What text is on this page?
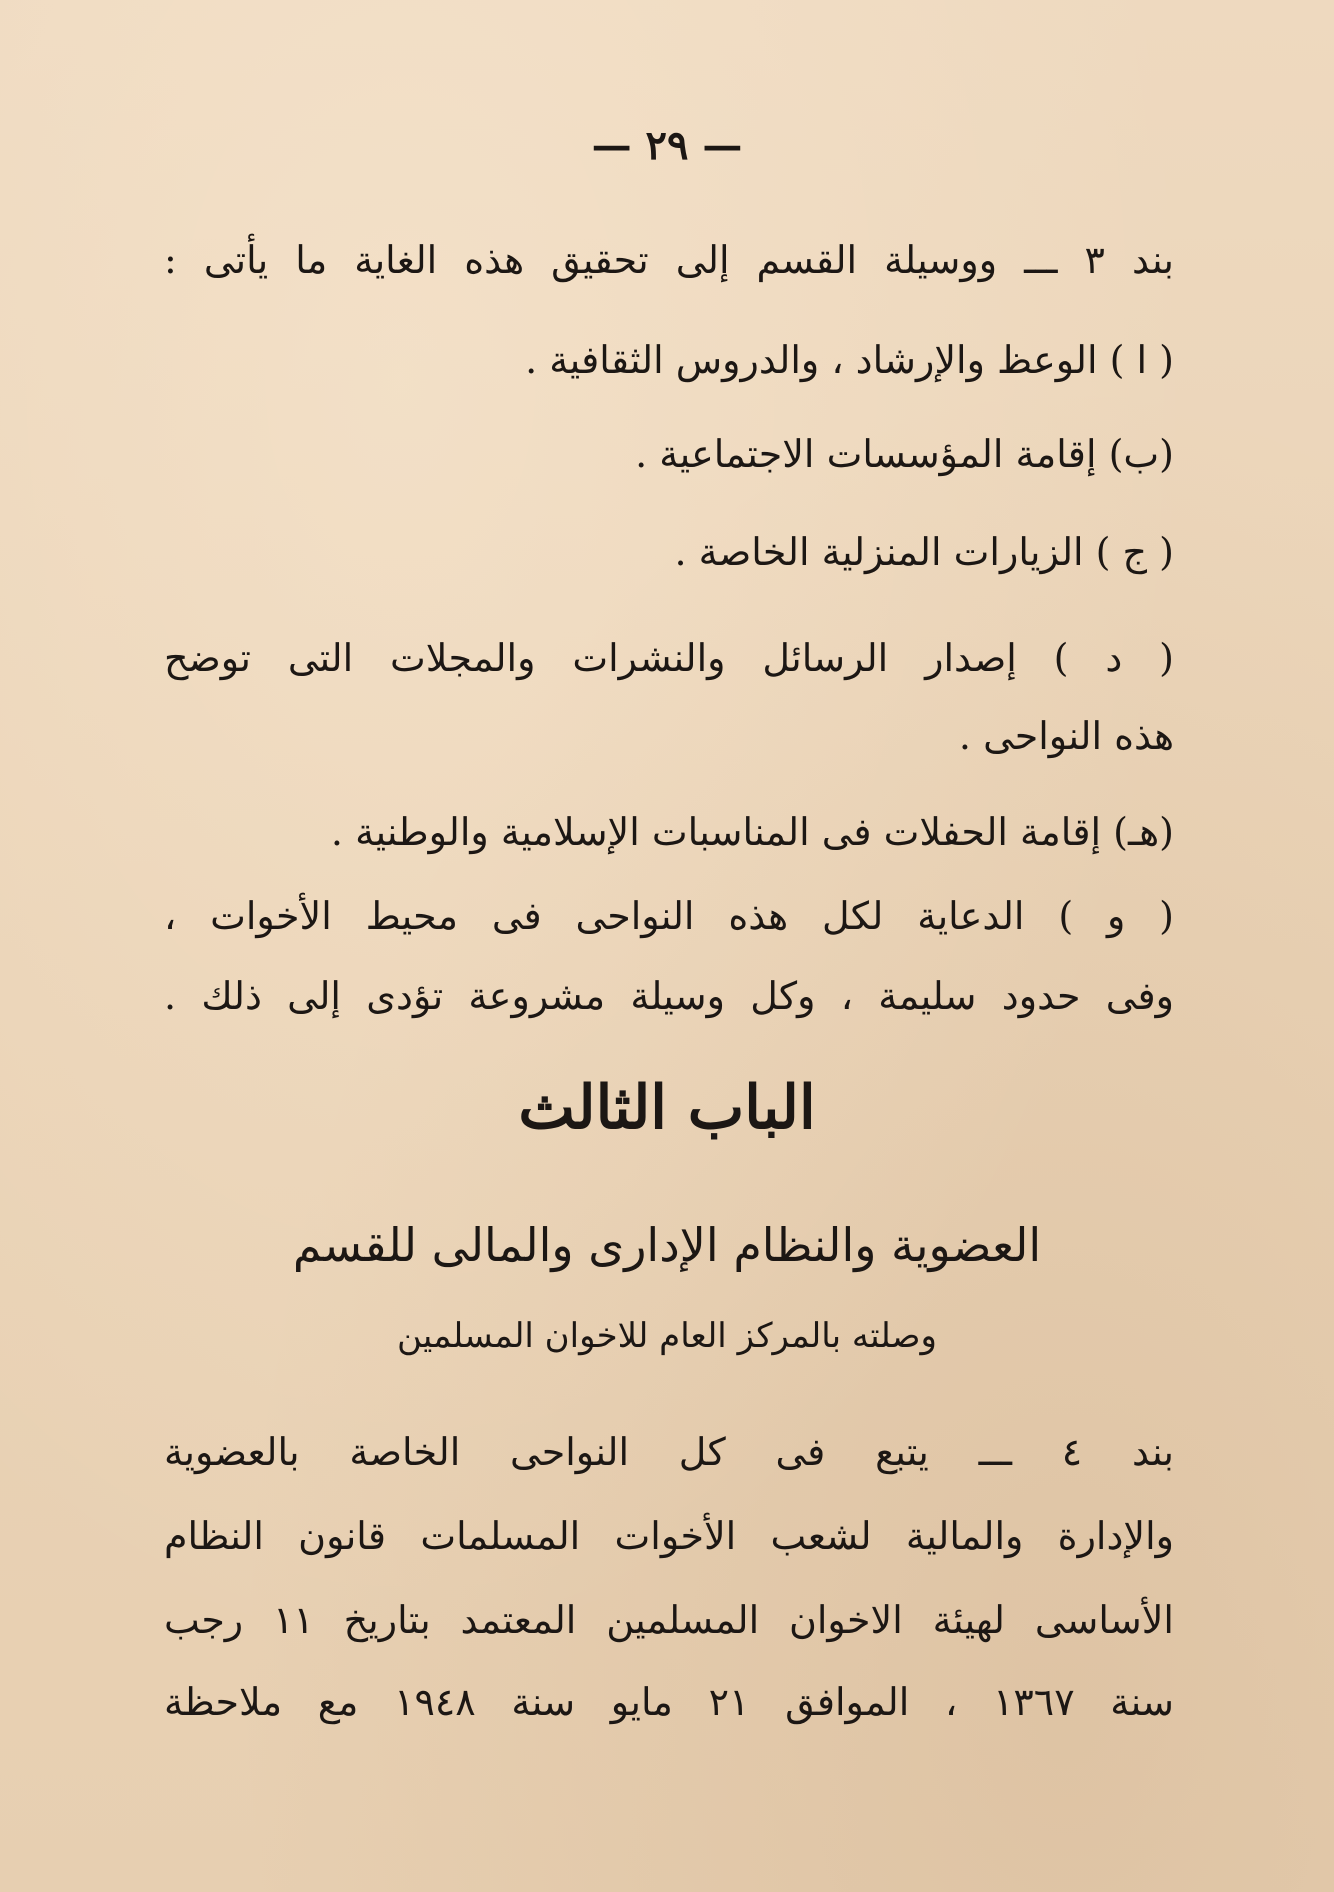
— ٢٩ —
بند ٣ ـــ ووسيلة القسم إلى تحقيق هذه الغاية ما يأتى :
( ا ) الوعظ والإرشاد ، والدروس الثقافية .
(ب) إقامة المؤسسات الاجتماعية .
( ج ) الزيارات المنزلية الخاصة .
( د ) إصدار الرسائل والنشرات والمجلات التى توضح
هذه النواحى .
(هـ) إقامة الحفلات فى المناسبات الإسلامية والوطنية .
( و ) الدعاية لكل هذه النواحى فى محيط الأخوات ،
وفى حدود سليمة ، وكل وسيلة مشروعة تؤدى إلى ذلك .
الباب الثالث
العضوية والنظام الإدارى والمالى للقسم
وصلته بالمركز العام للاخوان المسلمين
بند ٤ ـــ يتبع فى كل النواحى الخاصة بالعضوية
والإدارة والمالية لشعب الأخوات المسلمات قانون النظام
الأساسى لهيئة الاخوان المسلمين المعتمد بتاريخ ١١ رجب
سنة ١٣٦٧ ، الموافق ٢١ مايو سنة ١٩٤٨ مع ملاحظة
